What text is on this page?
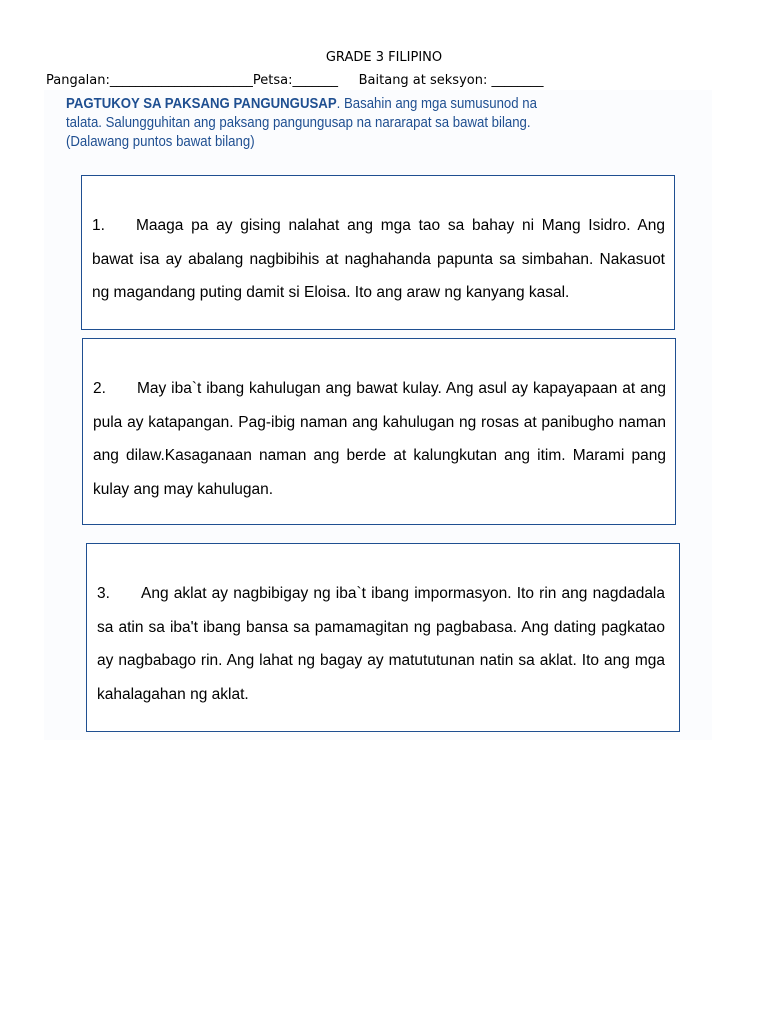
GRADE 3 FILIPINO
Pangalan:______________________Petsa:_______     Baitang at seksyon: ________
PAGTUKOY SA PAKSANG PANGUNGUSAP. Basahin ang mga sumusunod na talata. Salungguhitan ang paksang pangungusap na nararapat sa bawat bilang. (Dalawang puntos bawat bilang)

1. Maaga pa ay gising nalahat ang mga tao sa bahay ni Mang Isidro. Ang bawat isa ay abalang nagbibihis at naghahanda papunta sa simbahan. Nakasuot ng magandang puting damit si Eloisa. Ito ang araw ng kanyang kasal.

2. May iba`t ibang kahulugan ang bawat kulay. Ang asul ay kapayapaan at ang pula ay katapangan. Pag-ibig naman ang kahulugan ng rosas at panibugho naman ang dilaw.Kasaganaan naman ang berde at kalungkutan ang itim. Marami pang kulay ang may kahulugan.

3. Ang aklat ay nagbibigay ng iba`t ibang impormasyon. Ito rin ang nagdadala sa atin sa iba't ibang bansa sa pamamagitan ng pagbabasa. Ang dating pagkatao ay nagbabago rin. Ang lahat ng bagay ay matututunan natin sa aklat. Ito ang mga kahalagahan ng aklat.
